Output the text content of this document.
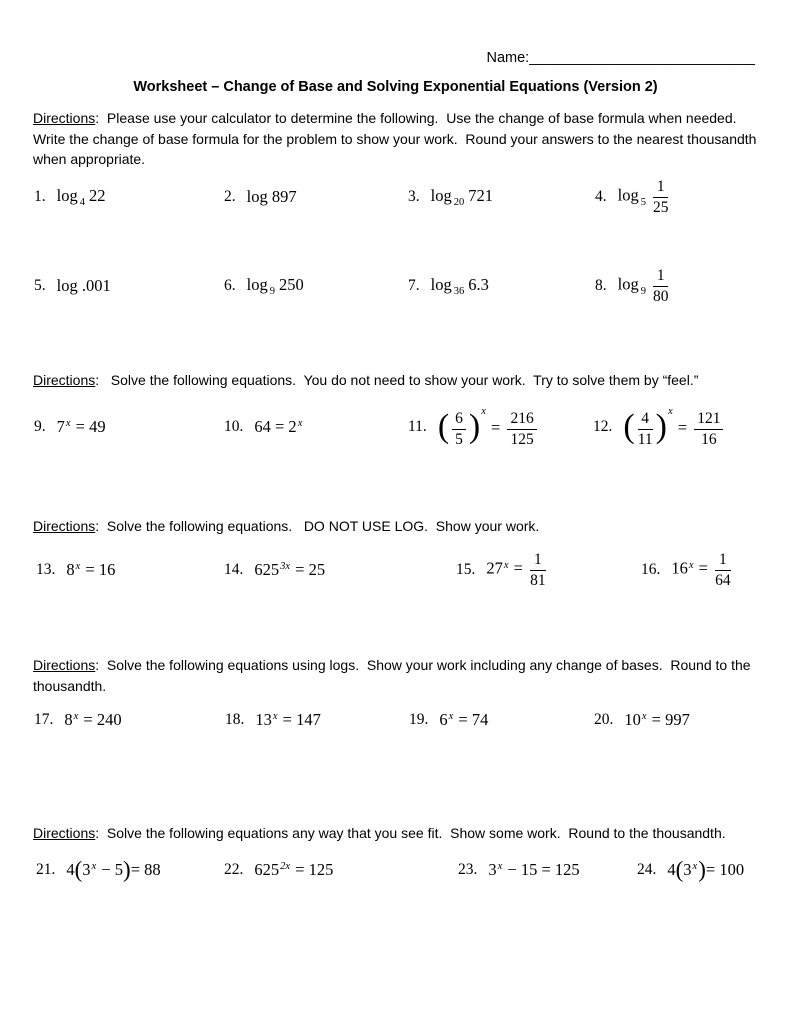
Name:____________________________
Worksheet – Change of Base and Solving Exponential Equations (Version 2)

Directions:  Please use your calculator to determine the following.  Use the change of base formula when needed.  Write the change of base formula for the problem to show your work.  Round your answers to the nearest thousandth when appropriate.

1. log $_4$ 22	2. log 897	3. log $_{20}$ 721	4. $\log _5 \frac{1}{25}$
5. log .001	6. log $_9$ 250	7. log $_{36}$ 6.3	8. $\log _9 \frac{1}{80}$

Directions:   Solve the following equations.  You do not need to show your work.  Try to solve them by “feel.”

9. $7^x = 49$	10. $64 = 2^x$	11. ( $\frac{6}{5} )^x = \frac{216}{125}$	12. ( $\frac{4}{11} )^x = \frac{121}{16}$

Directions:  Solve the following equations.   DO NOT USE LOG.  Show your work.

13. $8^x = 16$	14. $625^{3x} = 25$	15. $27^x = \frac{1}{81}$	16. $16^x = \frac{1}{64}$

Directions:  Solve the following equations using logs.  Show your work including any change of bases.  Round to the thousandth.

17. $8^x = 240$	18. $13^x = 147$	19. $6^x = 74$	20. $10^x = 997$

Directions:  Solve the following equations any way that you see fit.  Show some work.  Round to the thousandth.

21. $4(3^x - 5)= 88$	22. $625^{2x} = 125$	23. $3^x - 15 = 125$	24. $4(3^x)= 100$
